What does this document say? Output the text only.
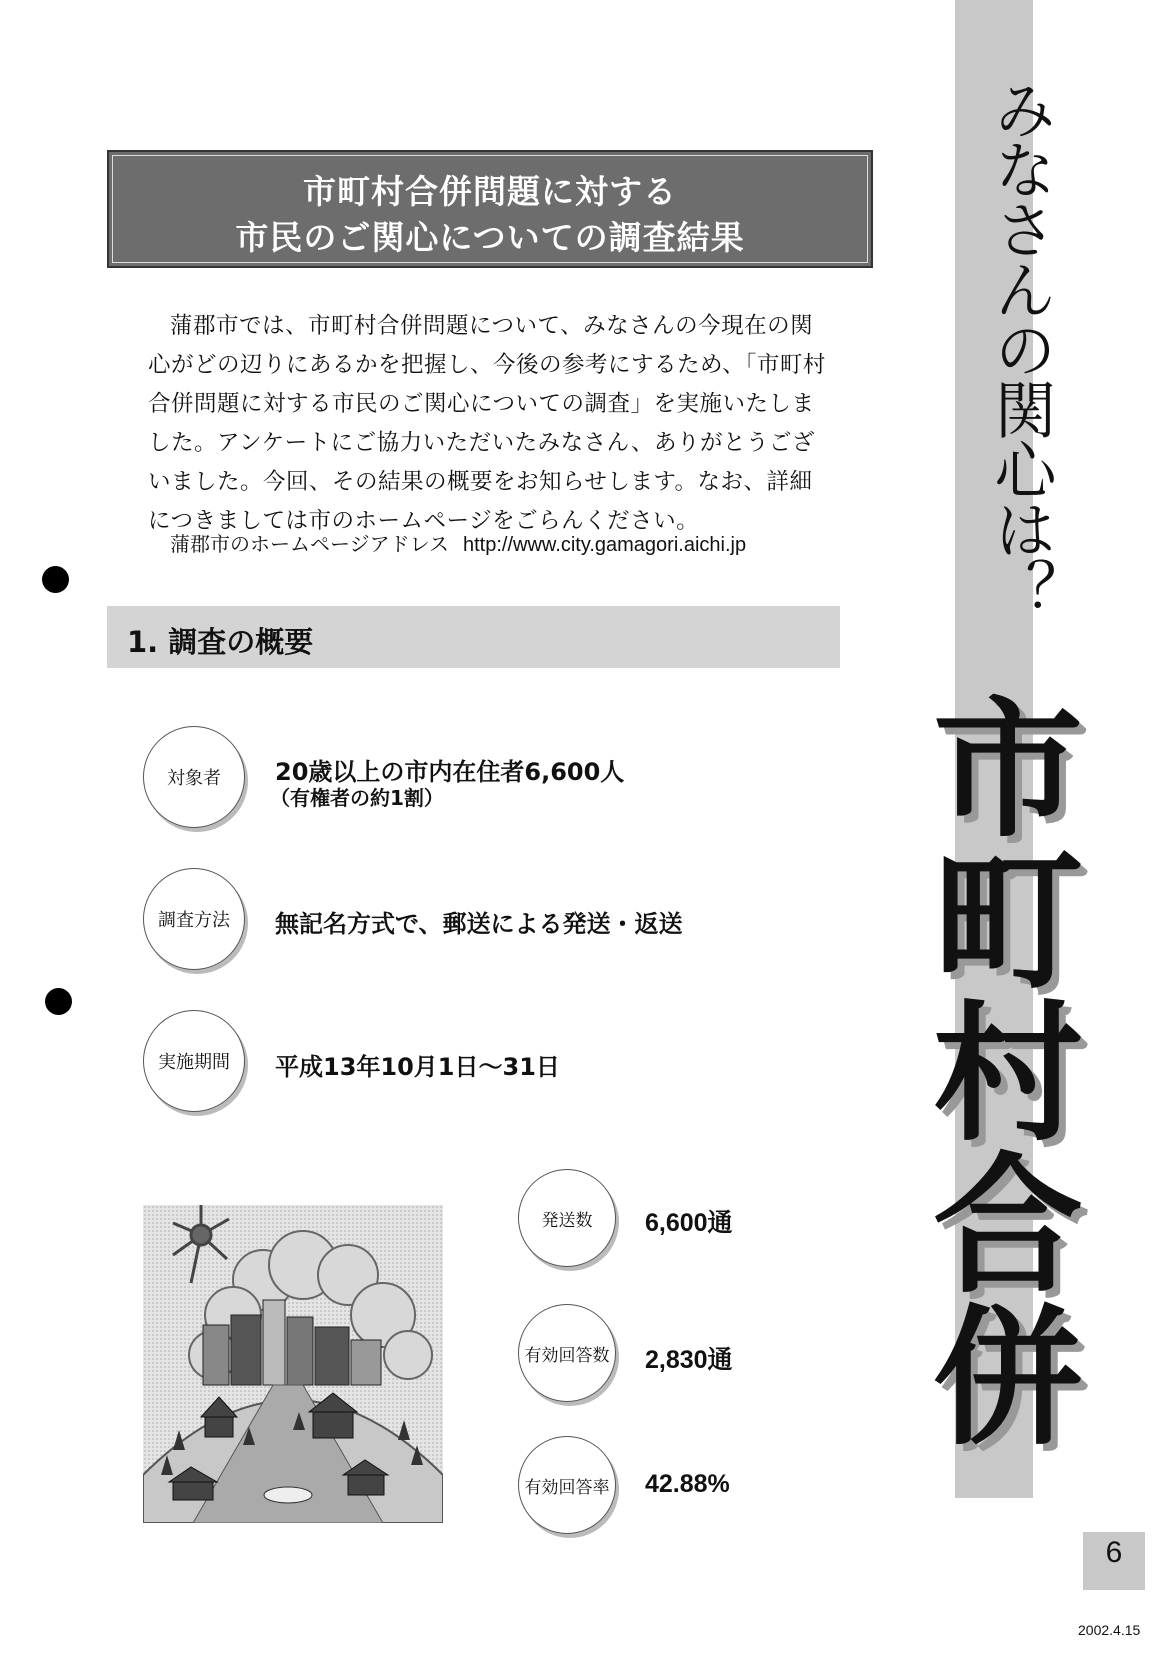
市町村合併問題に対する
市民のご関心についての調査結果
蒲郡市では、市町村合併問題について、みなさんの今現在の関心がどの辺りにあるかを把握し、今後の参考にするため、「市町村合併問題に対する市民のご関心についての調査」を実施いたしました。アンケートにご協力いただいたみなさん、ありがとうございました。今回、その結果の概要をお知らせします。なお、詳細につきましては市のホームページをごらんください。
蒲郡市のホームページアドレス http://www.city.gamagori.aichi.jp
1. 調査の概要
対象者 20歳以上の市内在住者6,600人
（有権者の約1割）
調査方法 無記名方式で、郵送による発送・返送
実施期間 平成13年10月1日〜31日
発送数 6,600通
有効回答数 2,830通
有効回答率 42.88%
みなさんの関心は？
市町村合併
6
2002.4.15
